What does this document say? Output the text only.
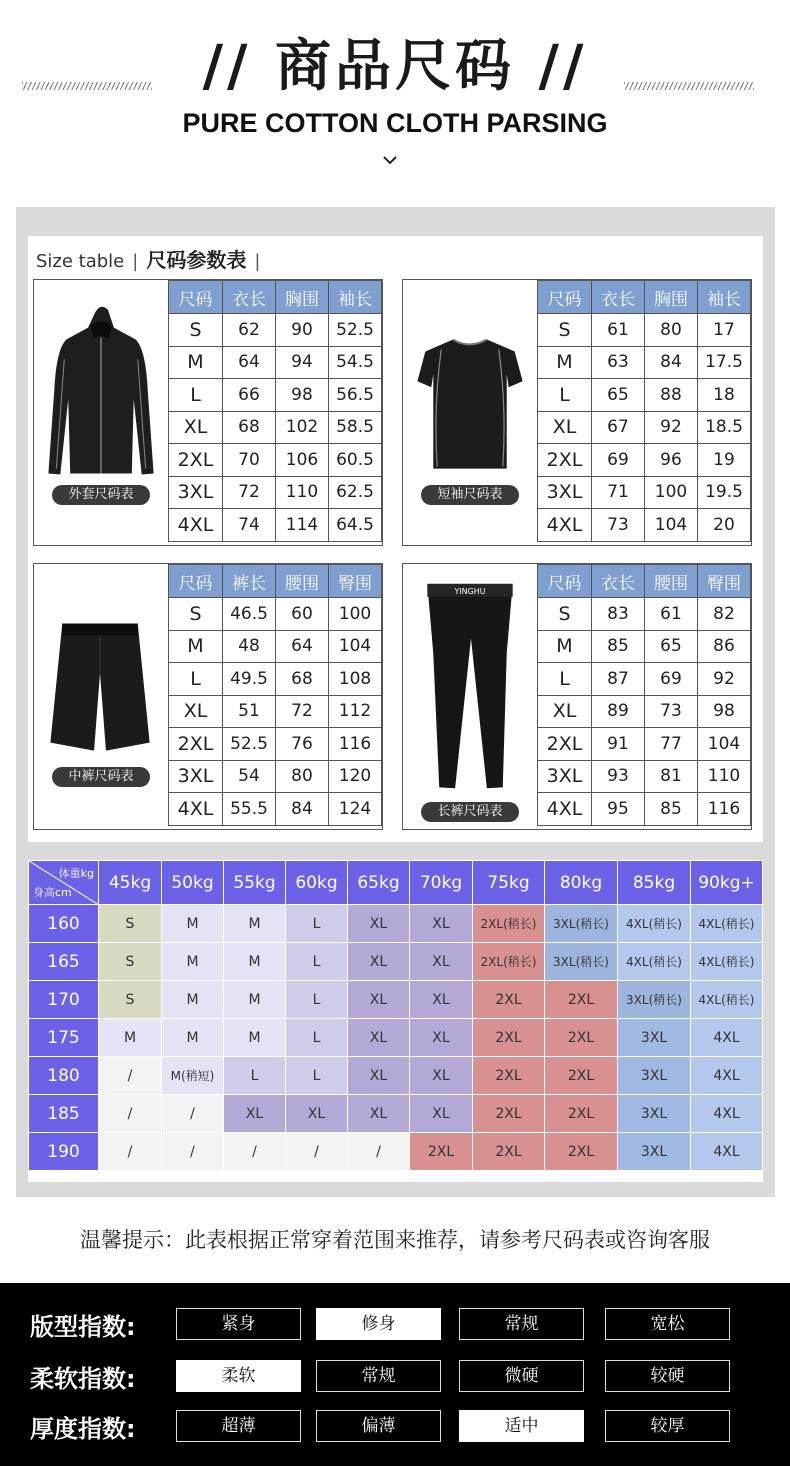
// 商品尺码 //
PURE COTTON CLOTH PARSING
Size table | 尺码参数表 |
外套尺码表
尺码	衣长	胸围	袖长
S	62	90	52.5
M	64	94	54.5
L	66	98	56.5
XL	68	102	58.5
2XL	70	106	60.5
3XL	72	110	62.5
4XL	74	114	64.5
短袖尺码表
尺码	衣长	胸围	袖长
S	61	80	17
M	63	84	17.5
L	65	88	18
XL	67	92	18.5
2XL	69	96	19
3XL	71	100	19.5
4XL	73	104	20
中裤尺码表
尺码	裤长	腰围	臀围
S	46.5	60	100
M	48	64	104
L	49.5	68	108
XL	51	72	112
2XL	52.5	76	116
3XL	54	80	120
4XL	55.5	84	124
YINGHU
长裤尺码表
尺码	衣长	腰围	臀围
S	83	61	82
M	85	65	86
L	87	69	92
XL	89	73	98
2XL	91	77	104
3XL	93	81	110
4XL	95	85	116
体重kg
身高cm	45kg	50kg	55kg	60kg	65kg	70kg	75kg	80kg	85kg	90kg+
160	S	M	M	L	XL	XL	2XL(稍长)	3XL(稍长)	4XL(稍长)	4XL(稍长)
165	S	M	M	L	XL	XL	2XL(稍长)	3XL(稍长)	4XL(稍长)	4XL(稍长)
170	S	M	M	L	XL	XL	2XL	2XL	3XL(稍长)	4XL(稍长)
175	M	M	M	L	XL	XL	2XL	2XL	3XL	4XL
180	/	M(稍短)	L	L	XL	XL	2XL	2XL	3XL	4XL
185	/	/	XL	XL	XL	XL	2XL	2XL	3XL	4XL
190	/	/	/	/	/	2XL	2XL	2XL	3XL	4XL
温馨提示：此表根据正常穿着范围来推荐，请参考尺码表或咨询客服
版型指数:	紧身	修身	常规	宽松
柔软指数:	柔软	常规	微硬	较硬
厚度指数:	超薄	偏薄	适中	较厚
